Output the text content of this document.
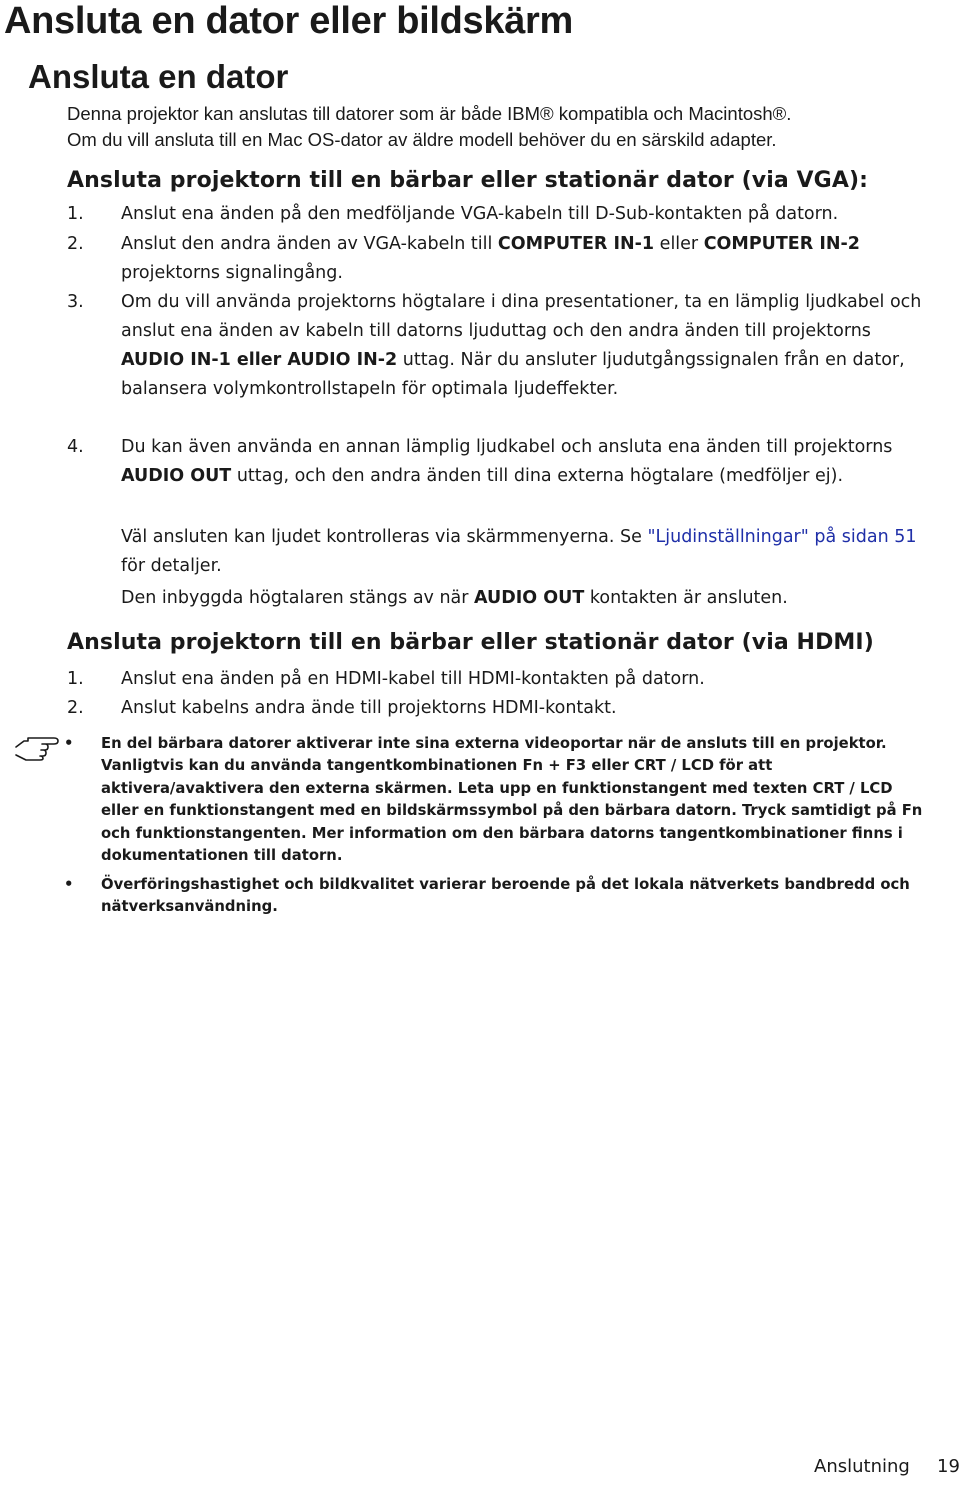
Ansluta en dator eller bildskärm
Ansluta en dator
Denna projektor kan anslutas till datorer som är både IBM® kompatibla och Macintosh®.
Om du vill ansluta till en Mac OS-dator av äldre modell behöver du en särskild adapter.
Ansluta projektorn till en bärbar eller stationär dator (via VGA):
1.	Anslut ena änden på den medföljande VGA-kabeln till D-Sub-kontakten på datorn.
2.	Anslut den andra änden av VGA-kabeln till COMPUTER IN-1 eller COMPUTER IN-2 projektorns signalingång.
3.	Om du vill använda projektorns högtalare i dina presentationer, ta en lämplig ljudkabel och anslut ena änden av kabeln till datorns ljuduttag och den andra änden till projektorns AUDIO IN-1 eller AUDIO IN-2 uttag. När du ansluter ljudutgångssignalen från en dator, balansera volymkontrollstapeln för optimala ljudeffekter.
4.	Du kan även använda en annan lämplig ljudkabel och ansluta ena änden till projektorns AUDIO OUT uttag, och den andra änden till dina externa högtalare (medföljer ej).
Väl ansluten kan ljudet kontrolleras via skärmmenyerna. Se "Ljudinställningar" på sidan 51 för detaljer.
Den inbyggda högtalaren stängs av när AUDIO OUT kontakten är ansluten.
Ansluta projektorn till en bärbar eller stationär dator (via HDMI)
1.	Anslut ena änden på en HDMI-kabel till HDMI-kontakten på datorn.
2.	Anslut kabelns andra ände till projektorns HDMI-kontakt.
• En del bärbara datorer aktiverar inte sina externa videoportar när de ansluts till en projektor. Vanligtvis kan du använda tangentkombinationen Fn + F3 eller CRT / LCD för att aktivera/avaktivera den externa skärmen. Leta upp en funktionstangent med texten CRT / LCD eller en funktionstangent med en bildskärmssymbol på den bärbara datorn. Tryck samtidigt på Fn och funktionstangenten. Mer information om den bärbara datorns tangentkombinationer finns i dokumentationen till datorn.
• Överföringshastighet och bildkvalitet varierar beroende på det lokala nätverkets bandbredd och nätverksanvändning.
Anslutning 19
